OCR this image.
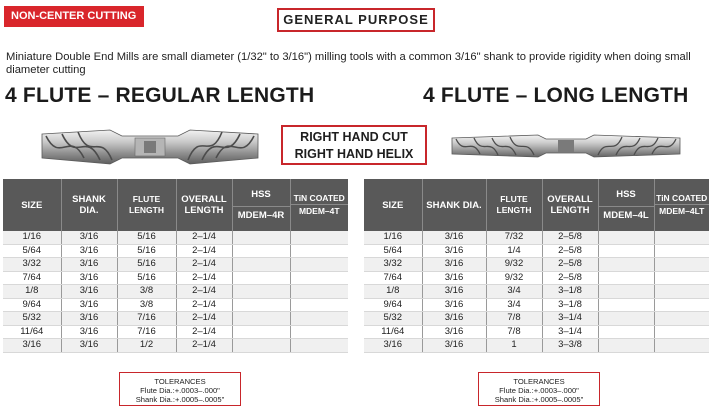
NON-CENTER CUTTING	GENERAL PURPOSE
Miniature Double End Mills are small diameter (1/32" to 3/16") milling tools with a common 3/16" shank to provide rigidity when doing small diameter cutting
4 FLUTE – REGULAR LENGTH	4 FLUTE – LONG LENGTH
RIGHT HAND CUT
RIGHT HAND HELIX
SIZE	SHANK DIA.	FLUTE LENGTH	OVERALL LENGTH	HSS
MDEM–4R	TiN COATED
MDEM–4T

1/16	3/16	5/16	2–1/4		
5/64	3/16	5/16	2–1/4		
3/32	3/16	5/16	2–1/4		
7/64	3/16	5/16	2–1/4		
1/8	3/16	3/8	2–1/4		
9/64	3/16	3/8	2–1/4		
5/32	3/16	7/16	2–1/4		
11/64	3/16	7/16	2–1/4		
3/16	3/16	1/2	2–1/4		
SIZE	SHANK DIA.	FLUTE LENGTH	OVERALL LENGTH	HSS
MDEM–4L	TiN COATED
MDEM–4LT

1/16	3/16	7/32	2–5/8		
5/64	3/16	1/4	2–5/8		
3/32	3/16	9/32	2–5/8		
7/64	3/16	9/32	2–5/8		
1/8	3/16	3/4	3–1/8		
9/64	3/16	3/4	3–1/8		
5/32	3/16	7/8	3–1/4		
11/64	3/16	7/8	3–1/4		
3/16	3/16	1	3–3/8		
TOLERANCES
Flute Dia.:+.0003–.000"
Shank Dia.:+.0005–.0005"
TOLERANCES
Flute Dia.:+.0003–.000"
Shank Dia.:+.0005–.0005"
